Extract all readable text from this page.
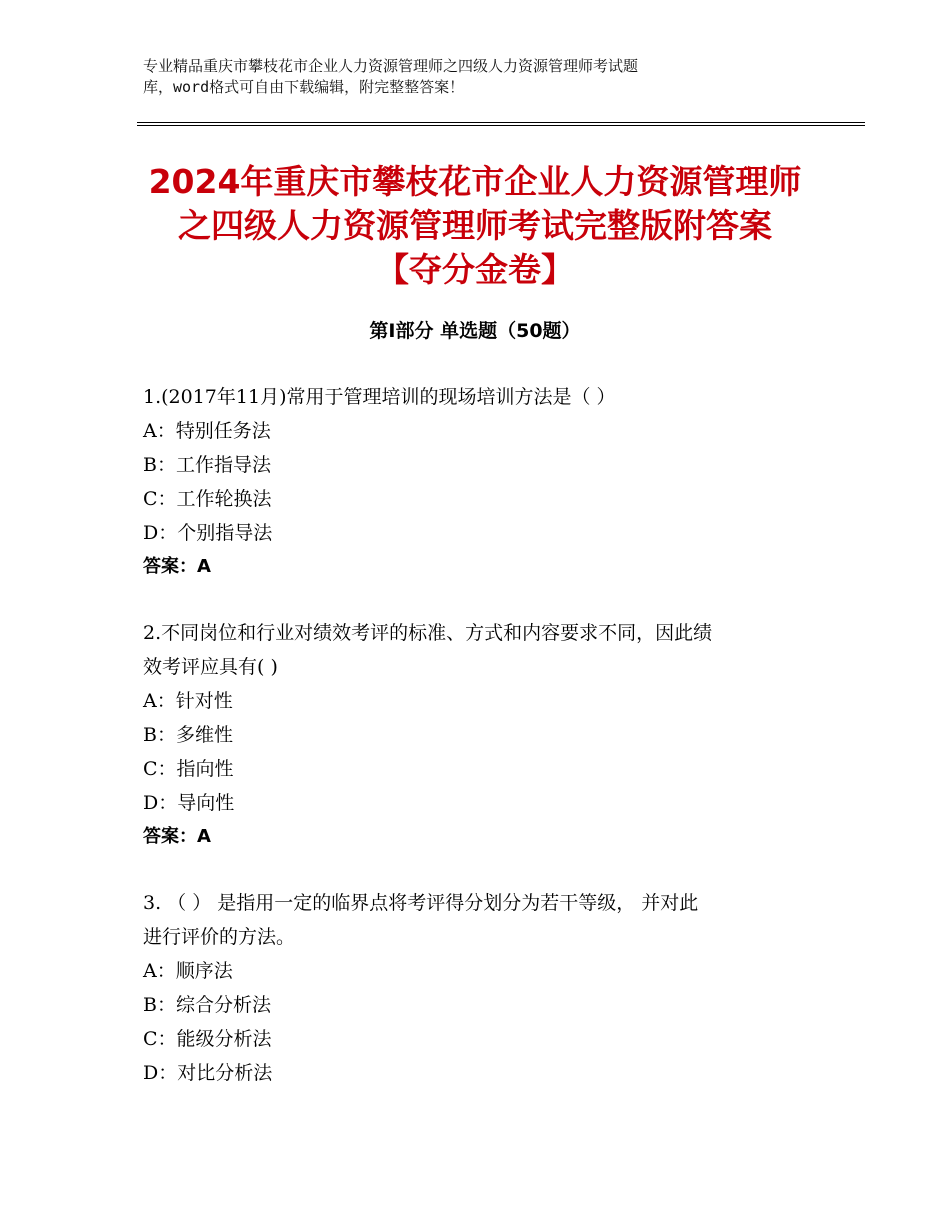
专业精品重庆市攀枝花市企业人力资源管理师之四级人力资源管理师考试题
库，word格式可自由下载编辑，附完整整答案！
2024年重庆市攀枝花市企业人力资源管理师
之四级人力资源管理师考试完整版附答案
【夺分金卷】
第Ⅰ部分 单选题（50题）
1.(2017年11月)常用于管理培训的现场培训方法是（ ）
A：特别任务法
B：工作指导法
C：工作轮换法
D：个别指导法
答案：A
2.不同岗位和行业对绩效考评的标准、方式和内容要求不同，因此绩
效考评应具有( )
A：针对性
B：多维性
C：指向性
D：导向性
答案：A
3. （ ） 是指用一定的临界点将考评得分划分为若干等级， 并对此
进行评价的方法。
A：顺序法
B：综合分析法
C：能级分析法
D：对比分析法
